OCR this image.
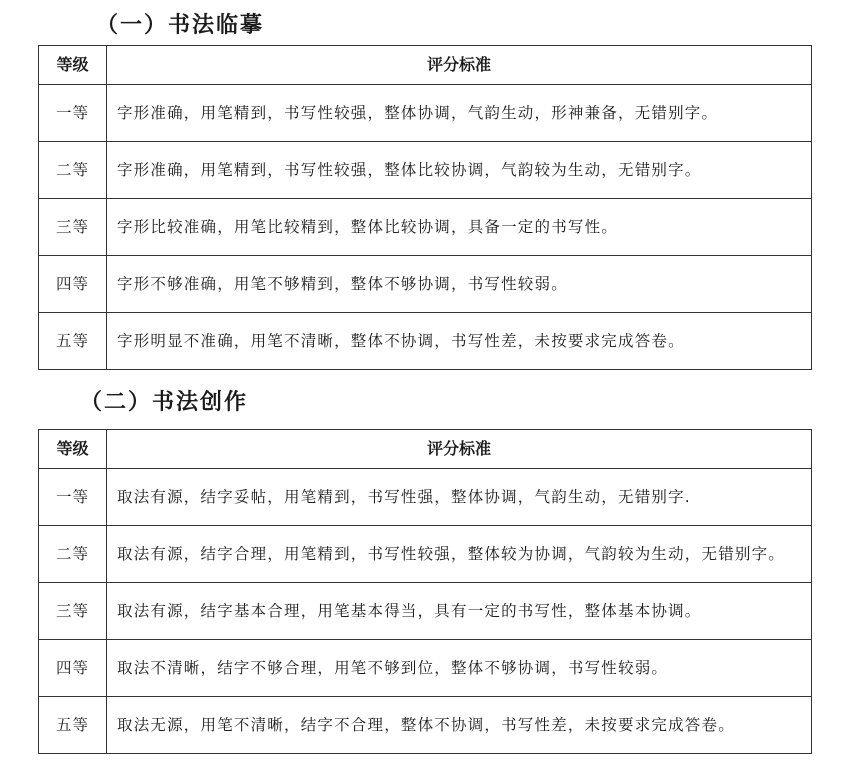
（一）书法临摹
等级	评分标准
一等	字形准确，用笔精到，书写性较强，整体协调，气韵生动，形神兼备，无错别字。
二等	字形准确，用笔精到，书写性较强，整体比较协调，气韵较为生动，无错别字。
三等	字形比较准确，用笔比较精到，整体比较协调，具备一定的书写性。
四等	字形不够准确，用笔不够精到，整体不够协调，书写性较弱。
五等	字形明显不准确，用笔不清晰，整体不协调，书写性差，未按要求完成答卷。
（二）书法创作
等级	评分标准
一等	取法有源，结字妥帖，用笔精到，书写性强，整体协调，气韵生动，无错别字.
二等	取法有源，结字合理，用笔精到，书写性较强，整体较为协调，气韵较为生动，无错别字。
三等	取法有源，结字基本合理，用笔基本得当，具有一定的书写性，整体基本协调。
四等	取法不清晰，结字不够合理，用笔不够到位，整体不够协调，书写性较弱。
五等	取法无源，用笔不清晰，结字不合理，整体不协调，书写性差，未按要求完成答卷。
